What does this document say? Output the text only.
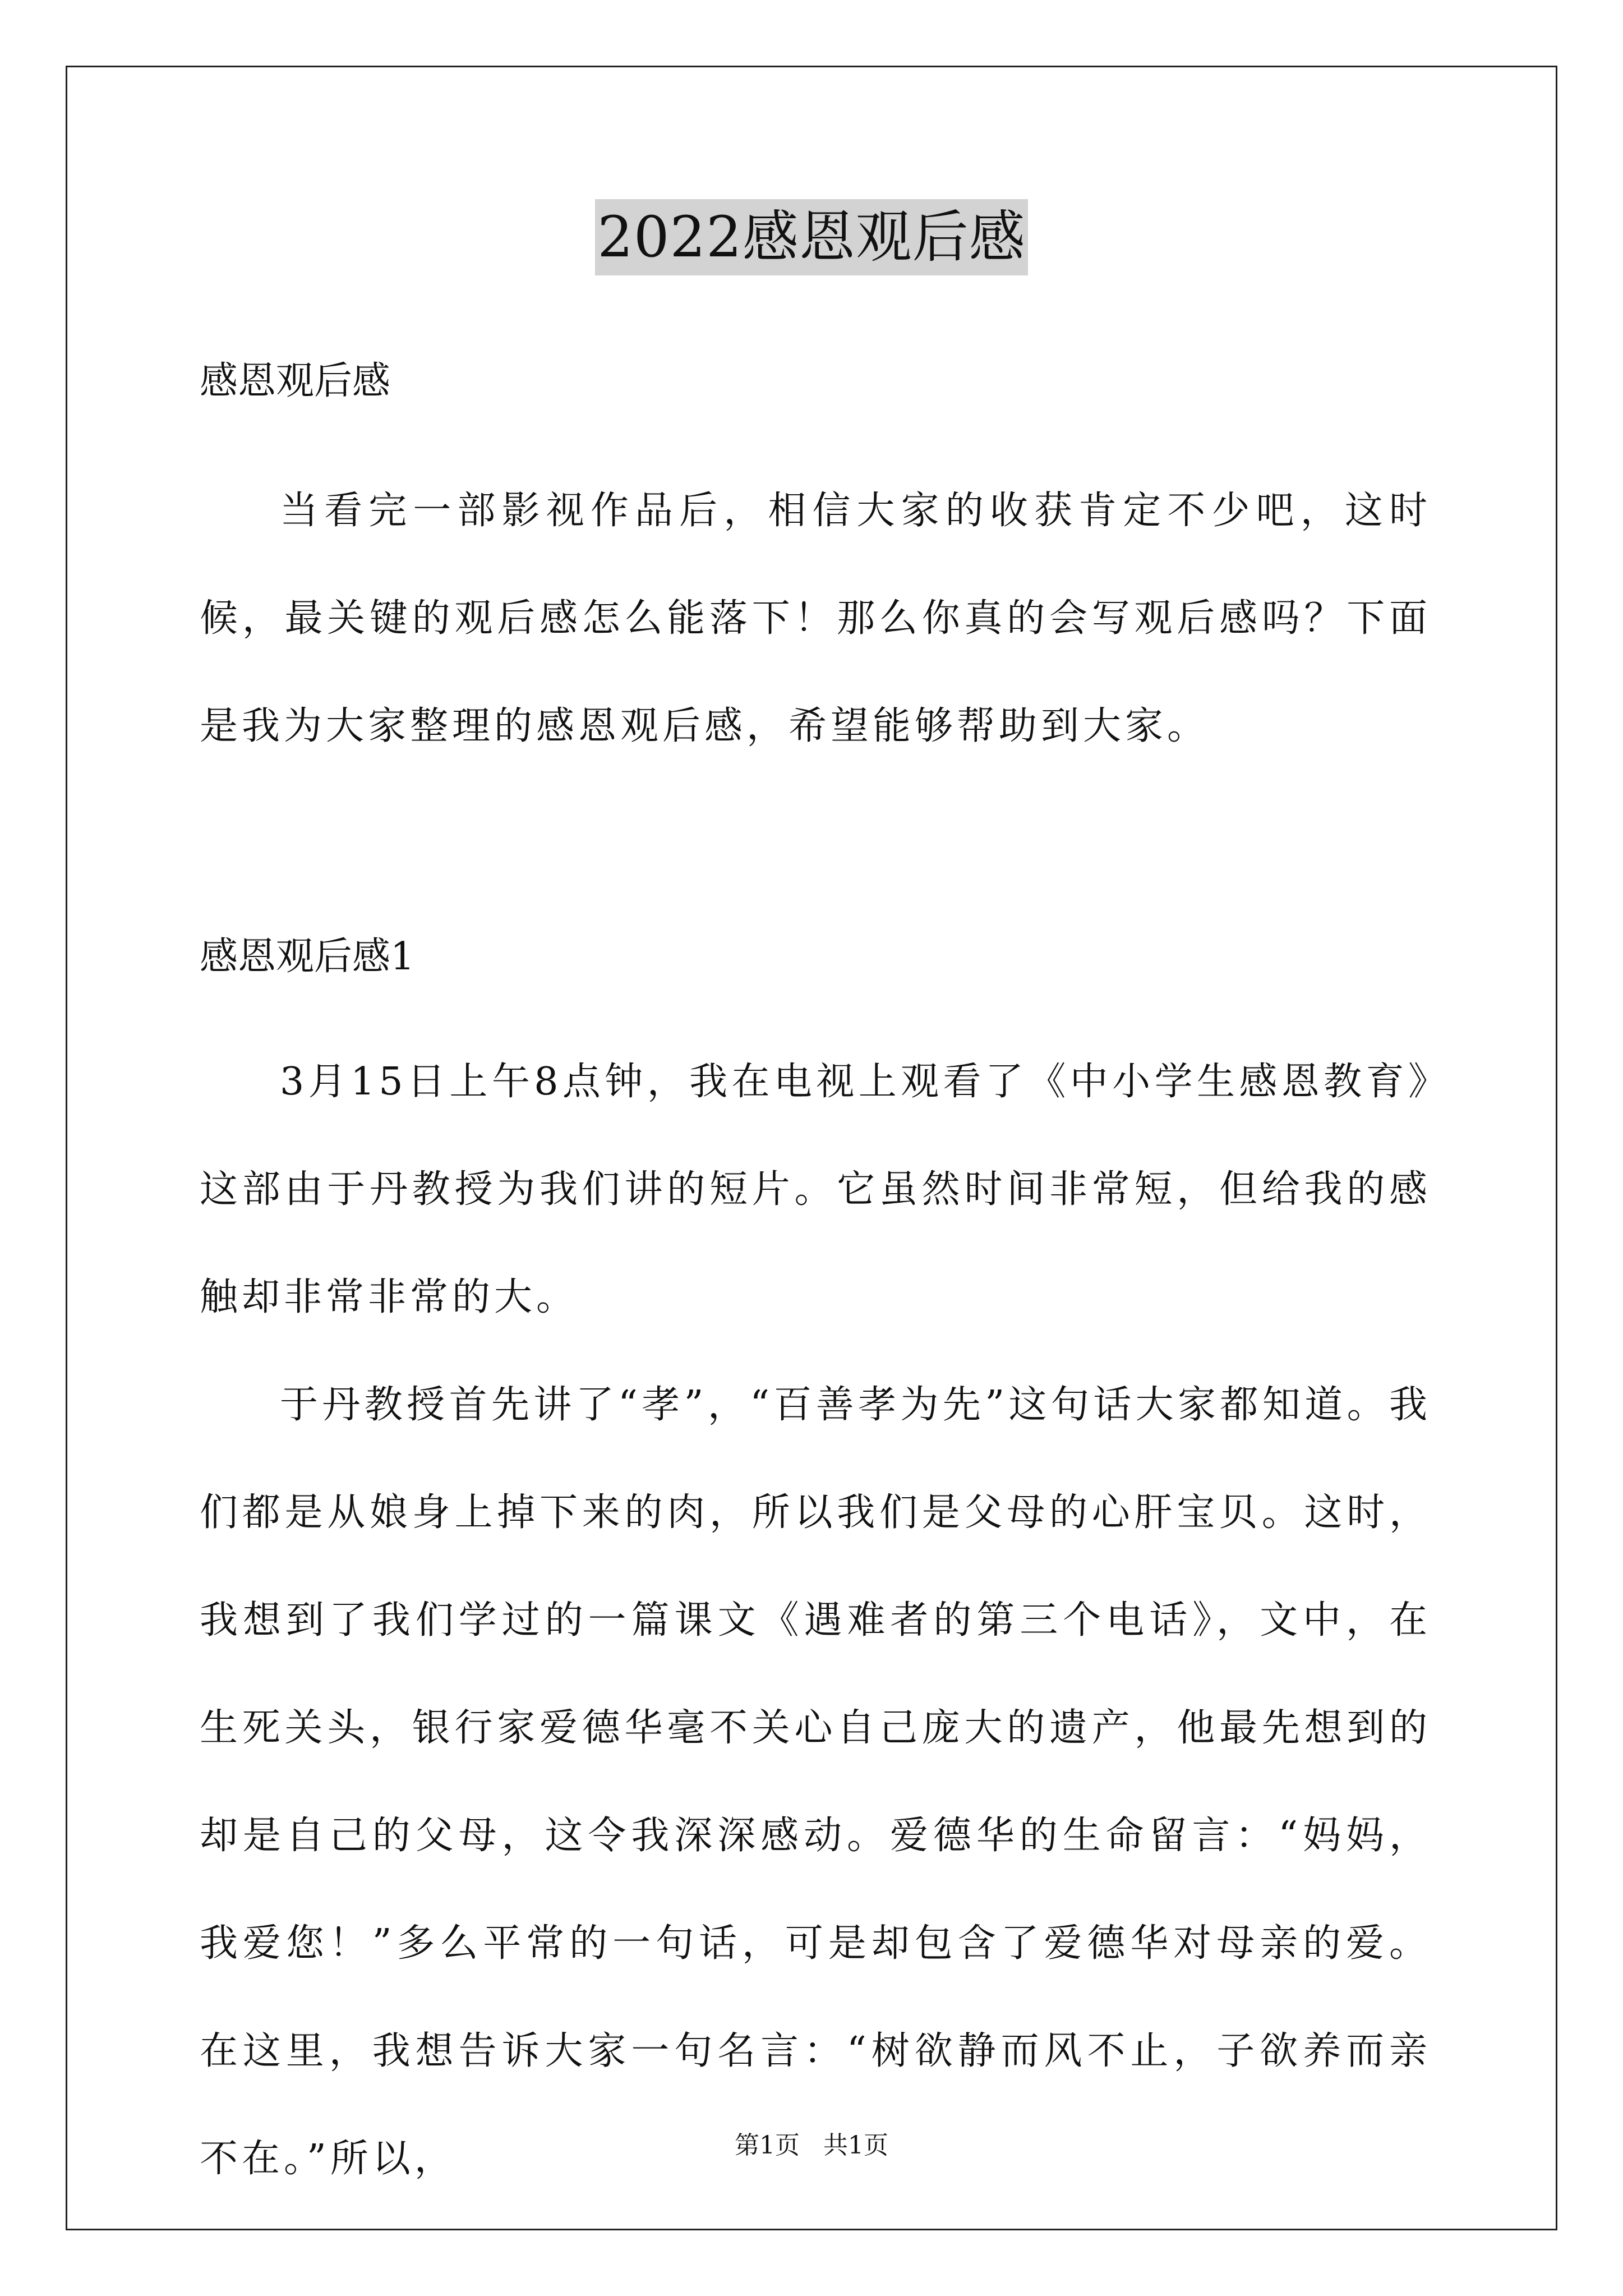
2022感恩观后感

感恩观后感

当看完一部影视作品后，相信大家的收获肯定不少吧，这时候，最关键的观后感怎么能落下！那么你真的会写观后感吗？下面是我为大家整理的感恩观后感，希望能够帮助到大家。

感恩观后感1

3月15日上午8点钟，我在电视上观看了《中小学生感恩教育》这部由于丹教授为我们讲的短片。它虽然时间非常短，但给我的感触却非常非常的大。

于丹教授首先讲了“孝”，“百善孝为先”这句话大家都知道。我们都是从娘身上掉下来的肉，所以我们是父母的心肝宝贝。这时，我想到了我们学过的一篇课文《遇难者的第三个电话》，文中，在生死关头，银行家爱德华毫不关心自己庞大的遗产，他最先想到的却是自己的父母，这令我深深感动。爱德华的生命留言：“妈妈，我爱您！”多么平常的一句话，可是却包含了爱德华对母亲的爱。在这里，我想告诉大家一句名言：“树欲静而风不止，子欲养而亲不在。”所以，	第1页   共1页
